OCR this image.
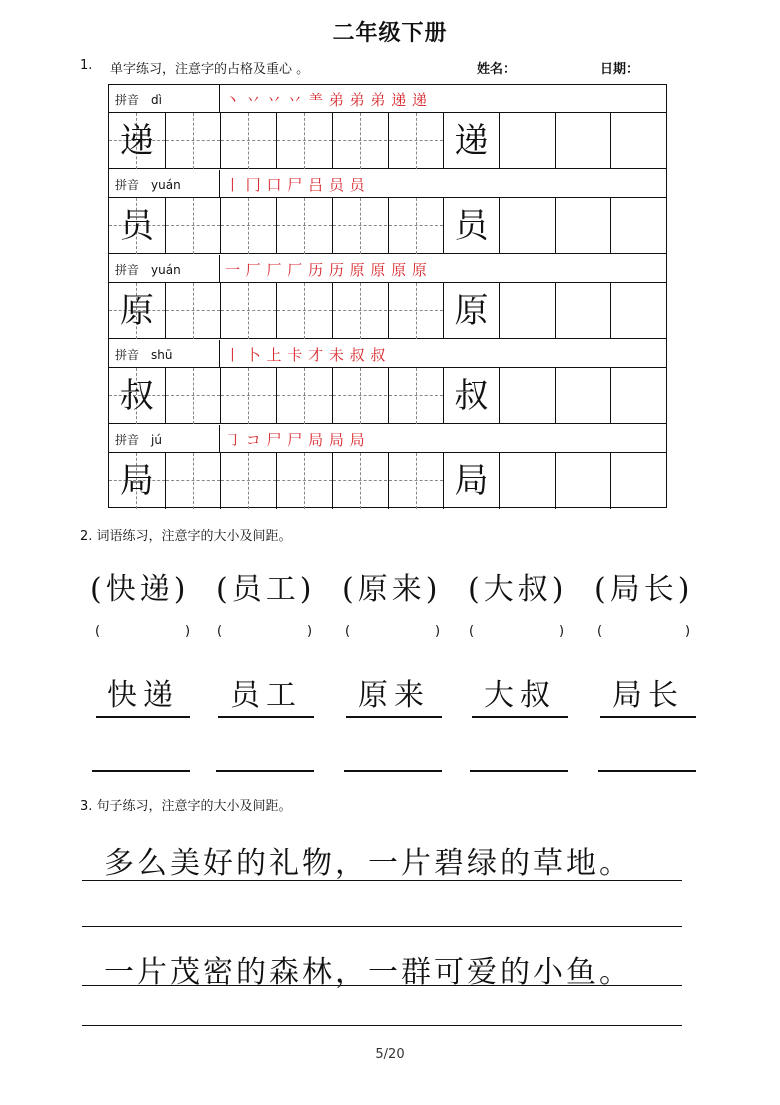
二年级下册
1. 单字练习，注意字的占格及重心 。	姓名：	日期：
拼音 dì	丶 丷 丷 丷 ⺷ 弟 弟 弟 递 递
递	递
拼音 yuán	丨 冂 口 尸 吕 员 员
员	员
拼音 yuán	一 厂 厂 厂 历 历 原 原 原 原
原	原
拼音 shū	丨 卜 上 卡 才 未 叔 叔
叔	叔
拼音 jú	㇆ コ 尸 尸 局 局 局
局	局
2. 词语练习，注意字的大小及间距。
(快递) (员工) (原来) (大叔) (局长)
(	) (	)	(	) (	)	(	)
快递	员工	原来	大叔	局长
3. 句子练习，注意字的大小及间距。
多么美好的礼物，一片碧绿的草地。
一片茂密的森林，一群可爱的小鱼。
5/20
